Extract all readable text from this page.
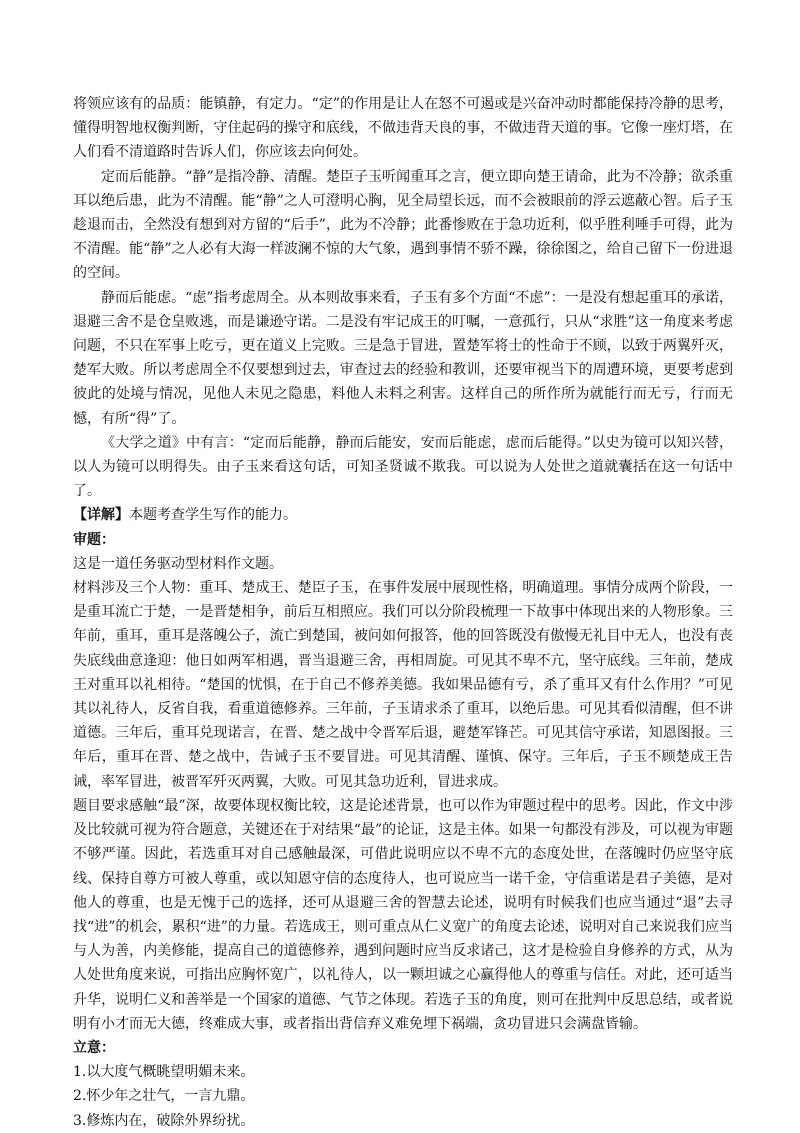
将领应该有的品质：能镇静，有定力。“定”的作用是让人在怒不可遏或是兴奋冲动时都能保持冷静的思考，懂得明智地权衡判断，守住起码的操守和底线，不做违背天良的事，不做违背天道的事。它像一座灯塔，在人们看不清道路时告诉人们，你应该去向何处。

定而后能静。“静”是指冷静、清醒。楚臣子玉听闻重耳之言，便立即向楚王请命，此为不冷静；欲杀重耳以绝后患，此为不清醒。能“静”之人可澄明心胸，见全局望长远，而不会被眼前的浮云遮蔽心智。后子玉趁退而击，全然没有想到对方留的“后手”，此为不冷静；此番惨败在于急功近利，似乎胜利唾手可得，此为不清醒。能“静”之人必有大海一样波澜不惊的大气象，遇到事情不骄不躁，徐徐图之，给自己留下一份进退的空间。

静而后能虑。“虑”指考虑周全。从本则故事来看，子玉有多个方面“不虑”：一是没有想起重耳的承诺，退避三舍不是仓皇败逃，而是谦逊守诺。二是没有牢记成王的叮嘱，一意孤行，只从“求胜”这一角度来考虑问题，不只在军事上吃亏，更在道义上完败。三是急于冒进，置楚军将士的性命于不顾，以致于两翼歼灭，楚军大败。所以考虑周全不仅要想到过去，审查过去的经验和教训，还要审视当下的周遭环境，更要考虑到彼此的处境与情况，见他人未见之隐患，料他人未料之利害。这样自己的所作所为就能行而无亏，行而无憾，有所“得”了。

《大学之道》中有言：“定而后能静，静而后能安，安而后能虑，虑而后能得。”以史为镜可以知兴替，以人为镜可以明得失。由子玉来看这句话，可知圣贤诚不欺我。可以说为人处世之道就囊括在这一句话中了。

【详解】本题考查学生写作的能力。

审题：

这是一道任务驱动型材料作文题。

材料涉及三个人物：重耳、楚成王、楚臣子玉，在事件发展中展现性格，明确道理。事情分成两个阶段，一是重耳流亡于楚，一是晋楚相争，前后互相照应。我们可以分阶段梳理一下故事中体现出来的人物形象。三年前，重耳，重耳是落魄公子，流亡到楚国，被问如何报答，他的回答既没有傲慢无礼目中无人，也没有丧失底线曲意逢迎：他日如两军相遇，晋当退避三舍，再相周旋。可见其不卑不亢，坚守底线。三年前，楚成王对重耳以礼相待。“楚国的忧惧，在于自己不修养美德。我如果品德有亏，杀了重耳又有什么作用？”可见其以礼待人，反省自我，看重道德修养。三年前，子玉请求杀了重耳，以绝后患。可见其看似清醒，但不讲道德。三年后，重耳兑现诺言，在晋、楚之战中令晋军后退，避楚军锋芒。可见其信守承诺，知恩图报。三年后，重耳在晋、楚之战中，告诫子玉不要冒进。可见其清醒、谨慎、保守。三年后，子玉不顾楚成王告诫，率军冒进，被晋军歼灭两翼，大败。可见其急功近利，冒进求成。

题目要求感触“最”深，故要体现权衡比较，这是论述背景，也可以作为审题过程中的思考。因此，作文中涉及比较就可视为符合题意，关键还在于对结果“最”的论证，这是主体。如果一句都没有涉及，可以视为审题不够严谨。因此，若选重耳对自己感触最深，可借此说明应以不卑不亢的态度处世，在落魄时仍应坚守底线、保持自尊方可被人尊重，或以知恩守信的态度待人，也可说应当一诺千金，守信重诺是君子美德，是对他人的尊重，也是无愧于己的选择，还可从退避三舍的智慧去论述，说明有时候我们也应当通过“退”去寻找“进”的机会，累积“进”的力量。若选成王，则可重点从仁义宽广的角度去论述，说明对自己来说我们应当与人为善，内美修能，提高自己的道德修养，遇到问题时应当反求诸己，这才是检验自身修养的方式，从为人处世角度来说，可指出应胸怀宽广，以礼待人，以一颗坦诚之心赢得他人的尊重与信任。对此，还可适当升华，说明仁义和善举是一个国家的道德、气节之体现。若选子玉的角度，则可在批判中反思总结，或者说明有小才而无大德，终难成大事，或者指出背信弃义难免埋下祸端，贪功冒进只会满盘皆输。

立意：

1.以大度气概眺望明媚未来。

2.怀少年之壮气，一言九鼎。

3.修炼内在，破除外界纷扰。
